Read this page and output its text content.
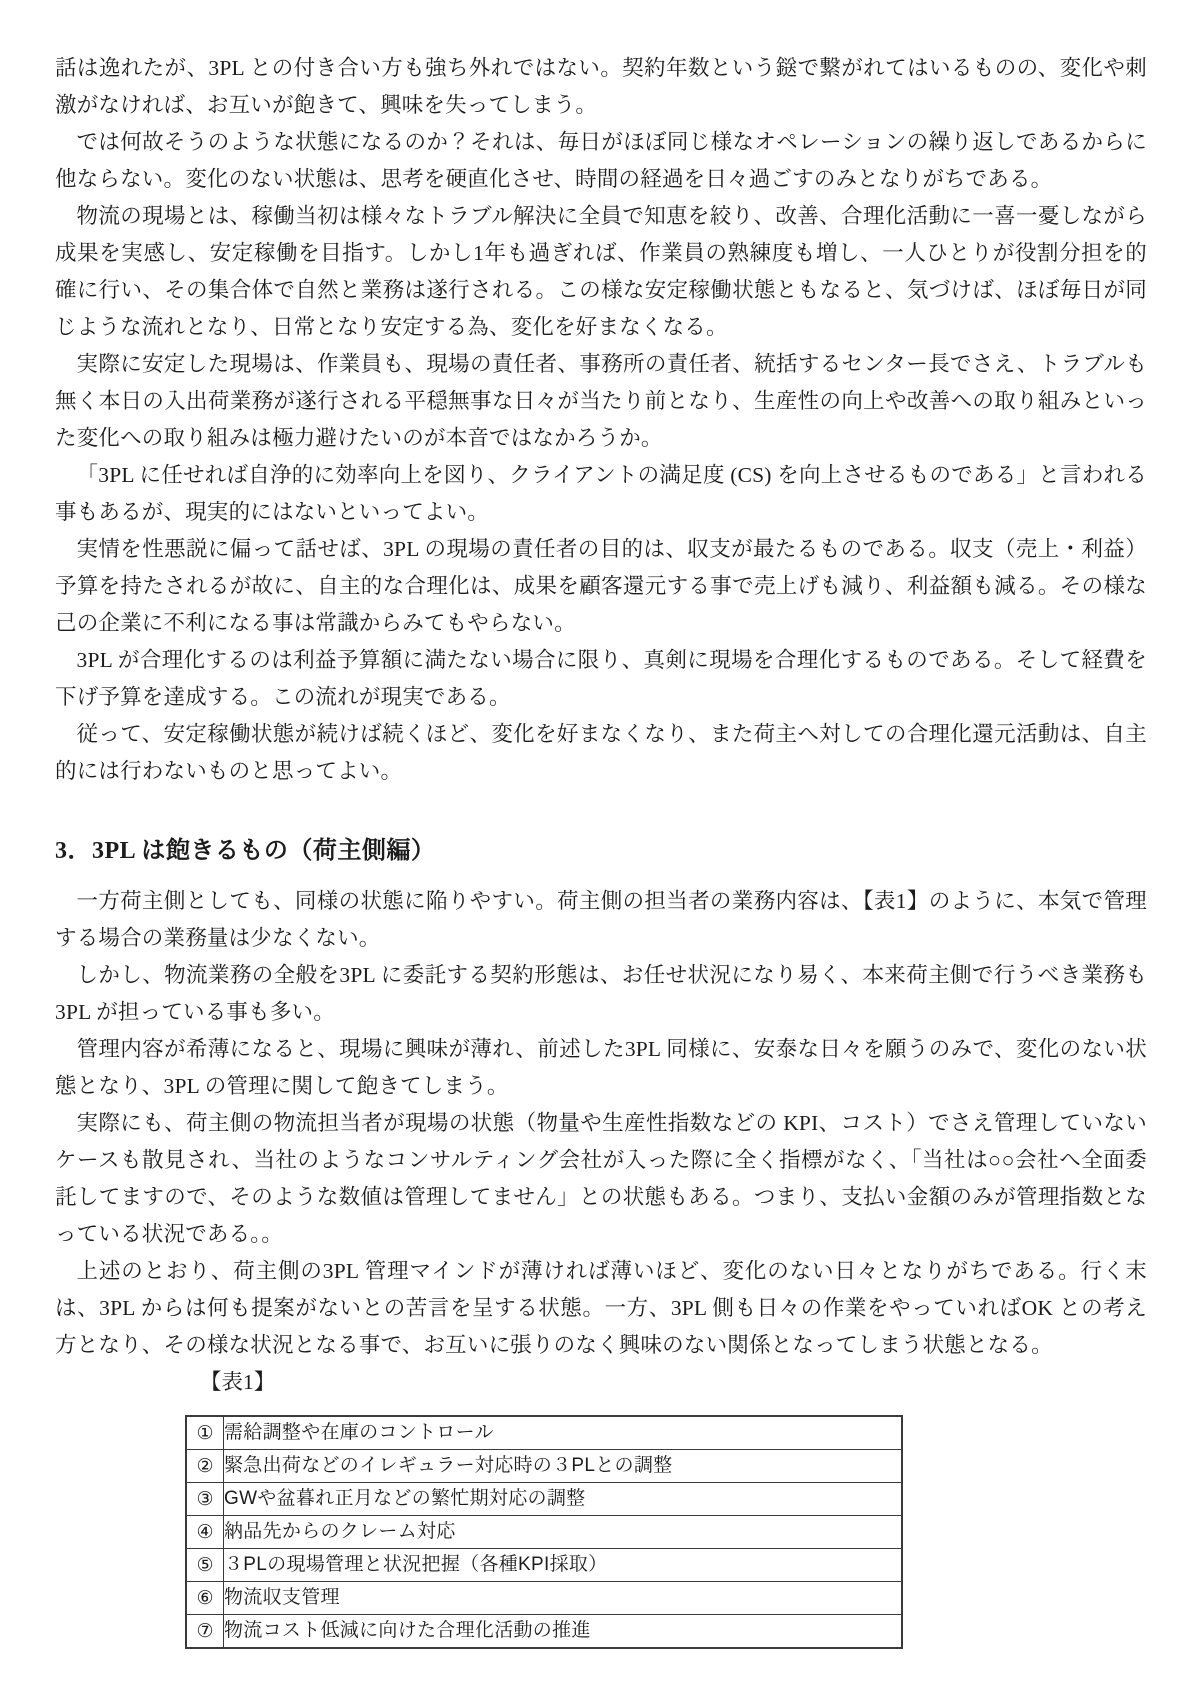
話は逸れたが、3PL との付き合い方も強ち外れではない。契約年数という鎹で繋がれてはいるものの、変化や刺激がなければ、お互いが飽きて、興味を失ってしまう。

では何故そうのような状態になるのか？それは、毎日がほぼ同じ様なオペレーションの繰り返しであるからに他ならない。変化のない状態は、思考を硬直化させ、時間の経過を日々過ごすのみとなりがちである。

物流の現場とは、稼働当初は様々なトラブル解決に全員で知恵を絞り、改善、合理化活動に一喜一憂しながら成果を実感し、安定稼働を目指す。しかし1年も過ぎれば、作業員の熟練度も増し、一人ひとりが役割分担を的確に行い、その集合体で自然と業務は遂行される。この様な安定稼働状態ともなると、気づけば、ほぼ毎日が同じような流れとなり、日常となり安定する為、変化を好まなくなる。

実際に安定した現場は、作業員も、現場の責任者、事務所の責任者、統括するセンター長でさえ、トラブルも無く本日の入出荷業務が遂行される平穏無事な日々が当たり前となり、生産性の向上や改善への取り組みといった変化への取り組みは極力避けたいのが本音ではなかろうか。

「3PL に任せれば自浄的に効率向上を図り、クライアントの満足度 (CS) を向上させるものである」と言われる事もあるが、現実的にはないといってよい。

実情を性悪説に偏って話せば、3PL の現場の責任者の目的は、収支が最たるものである。収支（売上・利益）予算を持たされるが故に、自主的な合理化は、成果を顧客還元する事で売上げも減り、利益額も減る。その様な己の企業に不利になる事は常識からみてもやらない。

3PL が合理化するのは利益予算額に満たない場合に限り、真剣に現場を合理化するものである。そして経費を下げ予算を達成する。この流れが現実である。

従って、安定稼働状態が続けば続くほど、変化を好まなくなり、また荷主へ対しての合理化還元活動は、自主的には行わないものと思ってよい。

3．3PL は飽きるもの（荷主側編）

一方荷主側としても、同様の状態に陥りやすい。荷主側の担当者の業務内容は、【表1】のように、本気で管理する場合の業務量は少なくない。

しかし、物流業務の全般を3PL に委託する契約形態は、お任せ状況になり易く、本来荷主側で行うべき業務も3PL が担っている事も多い。

管理内容が希薄になると、現場に興味が薄れ、前述した3PL 同様に、安泰な日々を願うのみで、変化のない状態となり、3PL の管理に関して飽きてしまう。

実際にも、荷主側の物流担当者が現場の状態（物量や生産性指数などの KPI、コスト）でさえ管理していないケースも散見され、当社のようなコンサルティング会社が入った際に全く指標がなく、「当社は○○会社へ全面委託してますので、そのような数値は管理してません」との状態もある。つまり、支払い金額のみが管理指数となっている状況である。。

上述のとおり、荷主側の3PL 管理マインドが薄ければ薄いほど、変化のない日々となりがちである。行く末は、3PL からは何も提案がないとの苦言を呈する状態。一方、3PL 側も日々の作業をやっていればOK との考え方となり、その様な状況となる事で、お互いに張りのなく興味のない関係となってしまう状態となる。

【表1】
①	需給調整や在庫のコントロール
②	緊急出荷などのイレギュラー対応時の３PLとの調整
③	GWや盆暮れ正月などの繁忙期対応の調整
④	納品先からのクレーム対応
⑤	３PLの現場管理と状況把握（各種KPI採取）
⑥	物流収支管理
⑦	物流コスト低減に向けた合理化活動の推進
